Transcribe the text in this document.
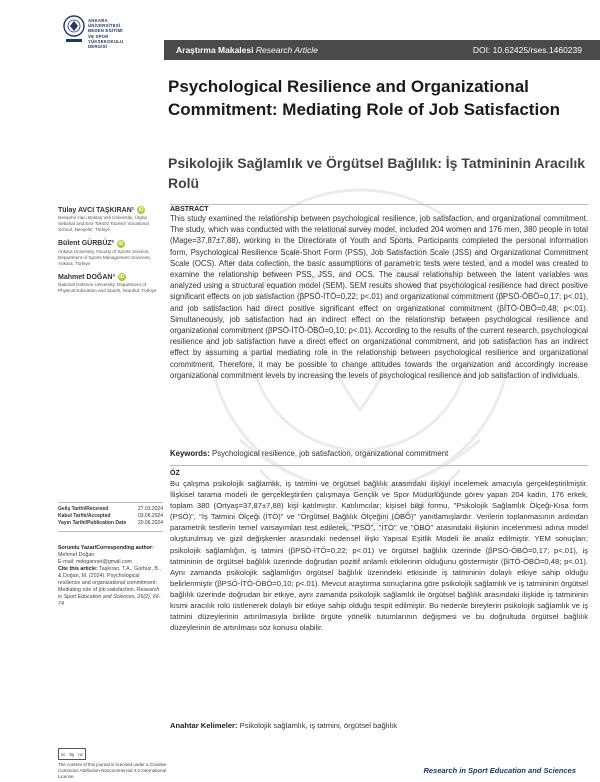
ANKARA
ÜNİVERSİTESİ
BEDEN EĞİTİMİ
VE SPOR
YÜKSEKOKULU
DERGİSİ	Araştırma Makalesi Research Article	DOI: 10.62425/rses.1460239
Psychological Resilience and Organizational Commitment: Mediating Role of Job Satisfaction
Psikolojik Sağlamlık ve Örgütsel Bağlılık: İş Tatmininin Aracılık Rolü
Tülay AVCI TAŞKIRAN¹ iD
Nevşehir Hacı Bektaş Veli University, Ürgüp Sebahat and Erol Toksöz Tourism Vocational School, Nevşehir, Türkiye
Bülent GÜRBÜZ² iD
Ankara University, Faculty of Sports Science, Department of Sports Management Sciences, Ankara, Türkiye
Mahmet DOĞAN³ iD
National Defence University, Department of Physical Education and Sports, İstanbul, Türkiye
Geliş Tarihi/Received	27.03.2024
Kabul Tarihi/Accepted	03.06.2024
Yayın Tarihi/Publication Date 20.06.2024
Sorumlu Yazar/Corresponding author:
Mehmet Doğan
E-mail: mdogannet@gmail.com
Cite this article: Taşkıran, T.A., Gürbüz, B., & Doğan, M. (2024). Psychological resilience and organizational commitment: Mediating role of job satisfaction. Research in Sport Education and Sciences, 26(2), 66-74
cc by nc
The content of this journal is licensed under a Creative Commons Attribution-Noncommercial 4.0 International License.
ABSTRACT

This study examined the relationship between psychological resilience, job satisfaction, and organizational commitment. The study, which was conducted with the relational survey model, included 204 women and 176 men, 380 people in total (Mage=37,87±7,88), working in the Directorate of Youth and Sports. Participants completed the personal information form, Psychological Resilience Scale-Short Form (PSS), Job Satisfaction Scale (JSS) and Organizational Commitment Scale (OCS). After data collection, the basic assumptions of parametric tests were tested, and a model was created to examine the relationship between PSS, JSS, and OCS. The causal relationship between the latent variables was analyzed using a structural equation model (SEM). SEM results showed that psychological resilience had direct positive significant effects on job satisfaction (βPSÖ-İTÖ=0,22; p<.01) and organizational commitment (βPSÖ-ÖBÖ=0,17; p<.01), and job satisfaction had direct positive significant effect on organizational commitment (βİTÖ-ÖBÖ=0,48; p<.01). Simultaneously, job satisfaction had an indirect effect on the relationship between psychological resilience and organizational commitment (βPSÖ-İTÖ-ÖBÖ=0,10; p<.01). According to the results of the current research, psychological resilience and job satisfaction have a direct effect on organizational commitment, and job satisfaction has an indirect effect by assuming a partial mediating role in the relationship between psychological resilience and organizational commitment. Therefore, it may be possible to change attitudes towards the organization and accordingly increase organizational commitment levels by increasing the levels of psychological resilience and job satisfaction of individuals.

Keywords: Psychological resilience, job satisfaction, organizational commitment

ÖZ

Bu çalışma psikolojik sağlamlık, iş tatmini ve örgütsel bağlılık arasındaki ilişkiyi incelemek amacıyla gerçekleştirilmiştir. İlişkisel tarama modeli ile gerçekleştirilen çalışmaya Gençlik ve Spor Müdürlüğünde görev yapan 204 kadın, 176 erkek, toplam 380 (Ortyaş=37,87±7,88) kişi katılmıştır. Katılımcılar; kişisel bilgi formu, "Psikolojik Sağlamlık Ölçeği-Kısa form (PSÖ)", "İş Tatmini Ölçeği (İTÖ)" ve "Örgütsel Bağlılık Ölçeğini (ÖBÖ)" yanıtlamışlardır. Verilerin toplanmasının ardından parametrik testlerin temel varsayımları test edilerek, "PSÖ", "İTÖ" ve "ÖBÖ" arasındaki ilişkinin incelenmesi adına model oluşturulmuş ve gizil değişkenler arasındaki nedensel ilişki Yapısal Eşitlik Modeli ile analiz edilmiştir. YEM sonuçları; psikolojik sağlamlığın, iş tatmini (βPSÖ-İTÖ=0,22; p<.01) ve örgütsel bağlılık üzerinde (βPSÖ-ÖBÖ=0,17; p<.01), iş tatmininin de örgütsel bağlılık üzerinde doğrudan pozitif anlamlı etkilerinin olduğunu göstermiştir (βİTÖ-ÖBÖ=0,48; p<.01). Aynı zamanda psikolojik sağlamlığın örgütsel bağlılık üzerindeki etkisinde iş tatmininin dolaylı etkiye sahip olduğu belirlenmiştir (βPSÖ-İTÖ-ÖBÖ=0,10; p<.01). Mevcut araştırma sonuçlarına göre psikolojik sağlamlık ve iş tatmininin örgütsel bağlılık üzerinde doğrudan bir etkiye, aynı zamanda psikolojik sağlamlık ile örgütsel bağlılık arasındaki ilişkide iş tatmininin kısmi aracılık rolü üstlenerek dolaylı bir etkiye sahip olduğu tespit edilmiştir. Bu nedenle bireylerin psikolojik sağlamlık ve iş tatmini düzeylerinin artırılmasıyla birlikte örgüte yönelik tutumlarının değişmesi ve bu doğrultuda örgütsel bağlılık düzeylerinin de artırılması söz konusu olabilir.

Anahtar Kelimeler: Psikolojik sağlamlık, iş tatmini, örgütsel bağlılık

Research in Sport Education and Sciences
